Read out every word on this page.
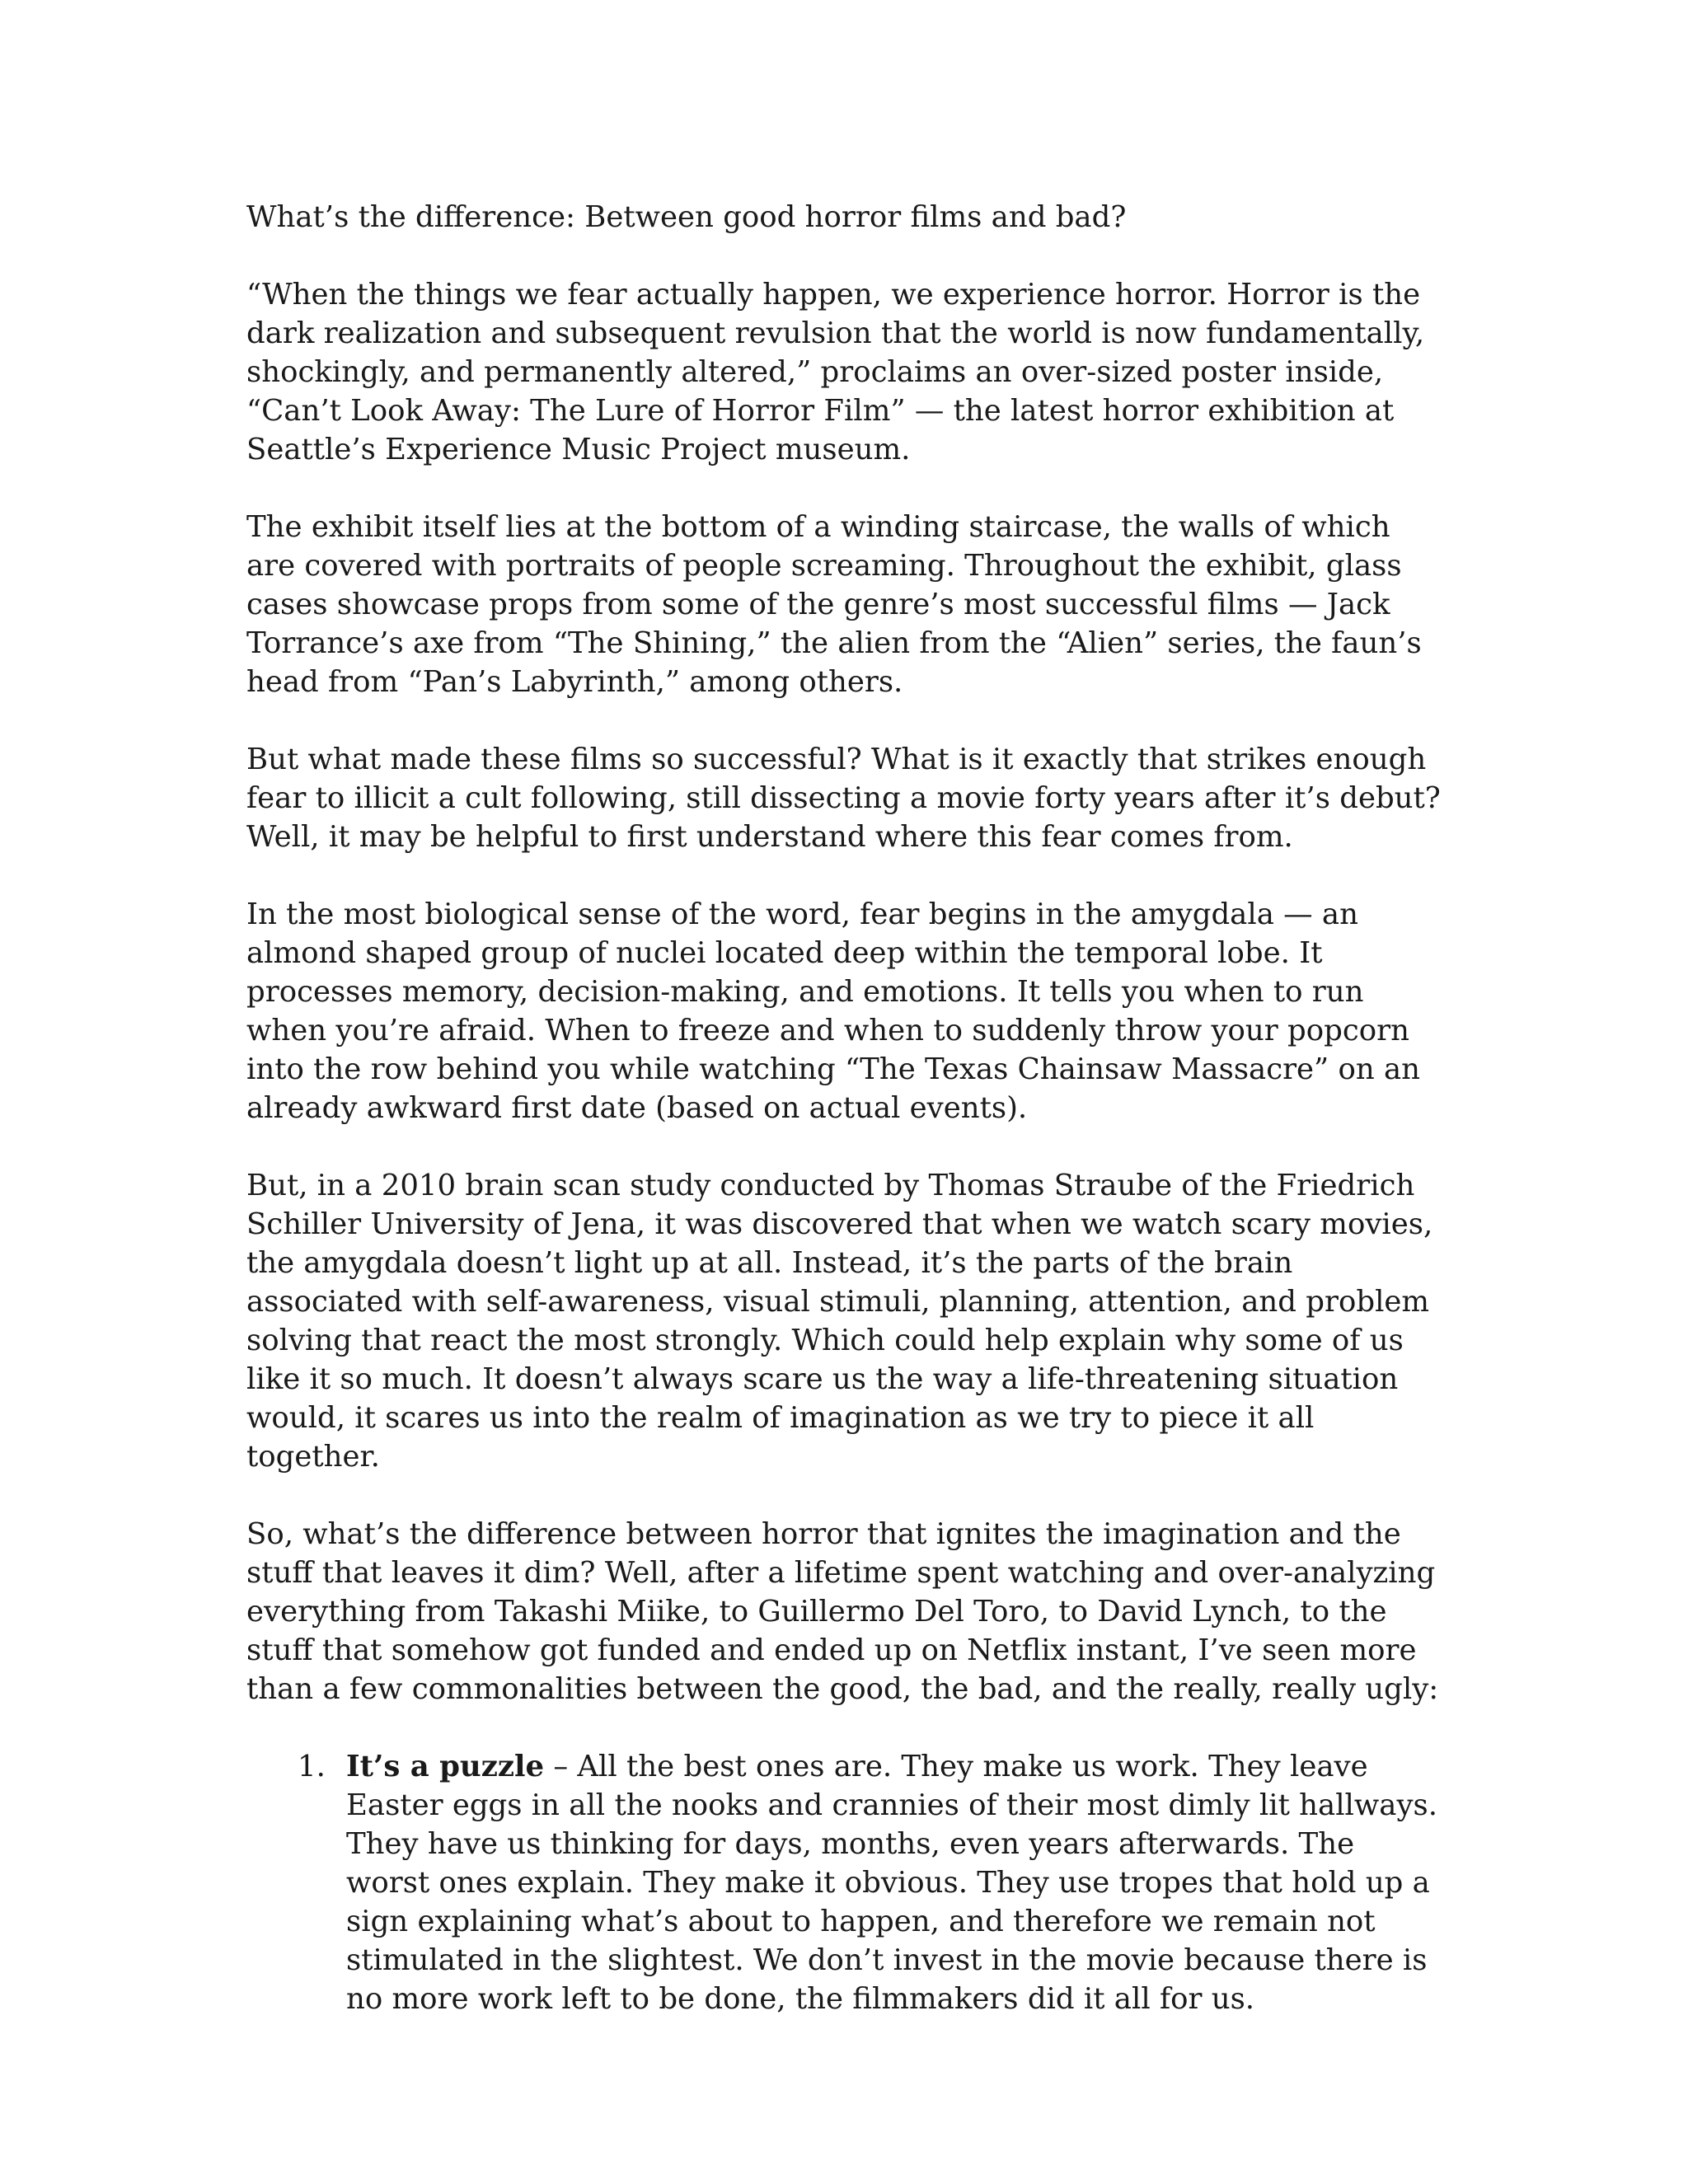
What’s the difference: Between good horror films and bad?

“When the things we fear actually happen, we experience horror. Horror is the dark realization and subsequent revulsion that the world is now fundamentally, shockingly, and permanently altered,” proclaims an over-sized poster inside, “Can’t Look Away: The Lure of Horror Film” — the latest horror exhibition at Seattle’s Experience Music Project museum.

The exhibit itself lies at the bottom of a winding staircase, the walls of which are covered with portraits of people screaming. Throughout the exhibit, glass cases showcase props from some of the genre’s most successful films — Jack Torrance’s axe from “The Shining,” the alien from the “Alien” series, the faun’s head from “Pan’s Labyrinth,” among others.

But what made these films so successful? What is it exactly that strikes enough fear to illicit a cult following, still dissecting a movie forty years after it’s debut? Well, it may be helpful to first understand where this fear comes from.

In the most biological sense of the word, fear begins in the amygdala — an almond shaped group of nuclei located deep within the temporal lobe. It processes memory, decision-making, and emotions. It tells you when to run when you’re afraid. When to freeze and when to suddenly throw your popcorn into the row behind you while watching “The Texas Chainsaw Massacre” on an already awkward first date (based on actual events).

But, in a 2010 brain scan study conducted by Thomas Straube of the Friedrich Schiller University of Jena, it was discovered that when we watch scary movies, the amygdala doesn’t light up at all. Instead, it’s the parts of the brain associated with self-awareness, visual stimuli, planning, attention, and problem solving that react the most strongly. Which could help explain why some of us like it so much. It doesn’t always scare us the way a life-threatening situation would, it scares us into the realm of imagination as we try to piece it all together.

So, what’s the difference between horror that ignites the imagination and the stuff that leaves it dim? Well, after a lifetime spent watching and over-analyzing everything from Takashi Miike, to Guillermo Del Toro, to David Lynch, to the stuff that somehow got funded and ended up on Netflix instant, I’ve seen more than a few commonalities between the good, the bad, and the really, really ugly:

1. It’s a puzzle – All the best ones are. They make us work. They leave Easter eggs in all the nooks and crannies of their most dimly lit hallways. They have us thinking for days, months, even years afterwards. The worst ones explain. They make it obvious. They use tropes that hold up a sign explaining what’s about to happen, and therefore we remain not stimulated in the slightest. We don’t invest in the movie because there is no more work left to be done, the filmmakers did it all for us.
